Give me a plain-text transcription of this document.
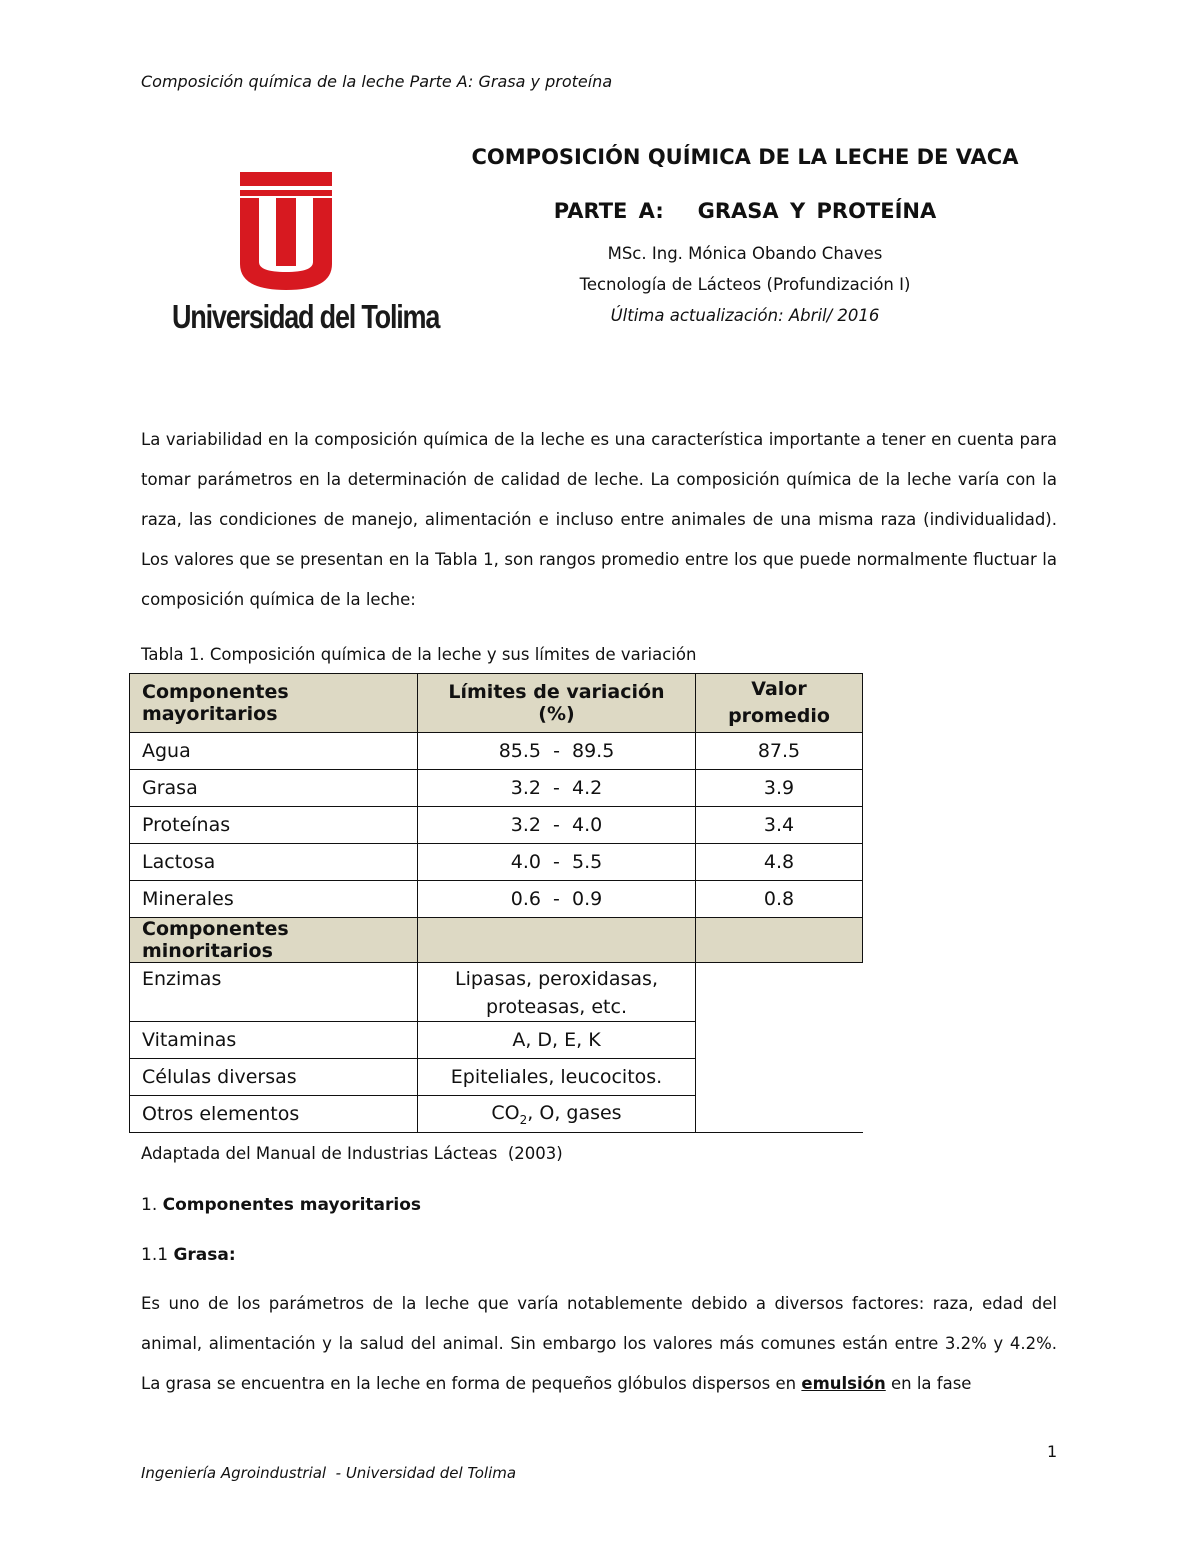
Composición química de la leche Parte A: Grasa y proteína
Universidad del Tolima

COMPOSICIÓN QUÍMICA DE LA LECHE DE VACA

PARTE A:   GRASA Y PROTEÍNA

MSc. Ing. Mónica Obando Chaves
Tecnología de Lácteos (Profundización I)
Última actualización: Abril/ 2016
La variabilidad en la composición química de la leche es una característica importante a tener en cuenta para tomar parámetros en la determinación de calidad de leche. La composición química de la leche varía con la raza, las condiciones de manejo, alimentación e incluso entre animales de una misma raza (individualidad). Los valores que se presentan en la Tabla 1, son rangos promedio entre los que puede normalmente fluctuar la composición química de la leche:
Tabla 1. Composición química de la leche y sus límites de variación
Componentes mayoritarios	Límites de variación (%)	Valor promedio
Agua	85.5  -  89.5	87.5
Grasa	3.2  -  4.2	3.9
Proteínas	3.2  -  4.0	3.4
Lactosa	4.0  -  5.5	4.8
Minerales	0.6  -  0.9	0.8
Componentes minoritarios		
Enzimas	Lipasas, peroxidasas, proteasas, etc.	
Vitaminas	A, D, E, K	
Células diversas	Epiteliales, leucocitos.	
Otros elementos	$CO_2$, O, gases	
Adaptada del Manual de Industrias Lácteas  (2003)
1. Componentes mayoritarios
1.1 Grasa:
Es uno de los parámetros de la leche que varía notablemente debido a diversos factores: raza, edad del animal, alimentación y la salud del animal. Sin embargo los valores más comunes están entre 3.2% y 4.2%. La grasa se encuentra en la leche en forma de pequeños glóbulos dispersos en emulsión en la fase
1
Ingeniería Agroindustrial  - Universidad del Tolima
